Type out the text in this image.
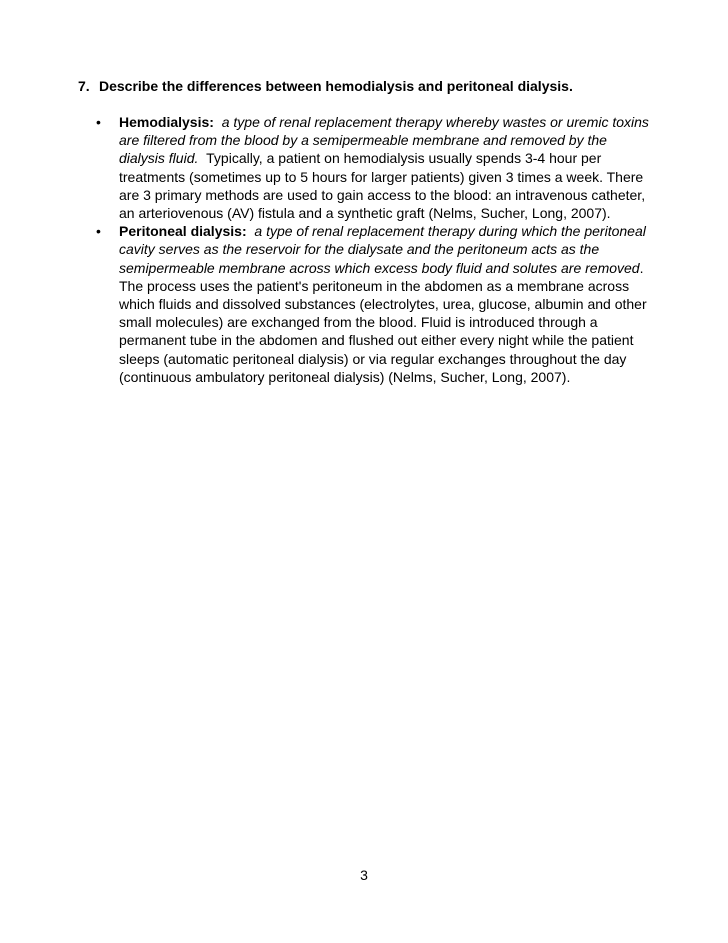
7. Describe the differences between hemodialysis and peritoneal dialysis.
• Hemodialysis: a type of renal replacement therapy whereby wastes or uremic toxins are filtered from the blood by a semipermeable membrane and removed by the dialysis fluid. Typically, a patient on hemodialysis usually spends 3-4 hour per treatments (sometimes up to 5 hours for larger patients) given 3 times a week. There are 3 primary methods are used to gain access to the blood: an intravenous catheter, an arteriovenous (AV) fistula and a synthetic graft (Nelms, Sucher, Long, 2007).
• Peritoneal dialysis: a type of renal replacement therapy during which the peritoneal cavity serves as the reservoir for the dialysate and the peritoneum acts as the semipermeable membrane across which excess body fluid and solutes are removed. The process uses the patient's peritoneum in the abdomen as a membrane across which fluids and dissolved substances (electrolytes, urea, glucose, albumin and other small molecules) are exchanged from the blood. Fluid is introduced through a permanent tube in the abdomen and flushed out either every night while the patient sleeps (automatic peritoneal dialysis) or via regular exchanges throughout the day (continuous ambulatory peritoneal dialysis) (Nelms, Sucher, Long, 2007).
3
